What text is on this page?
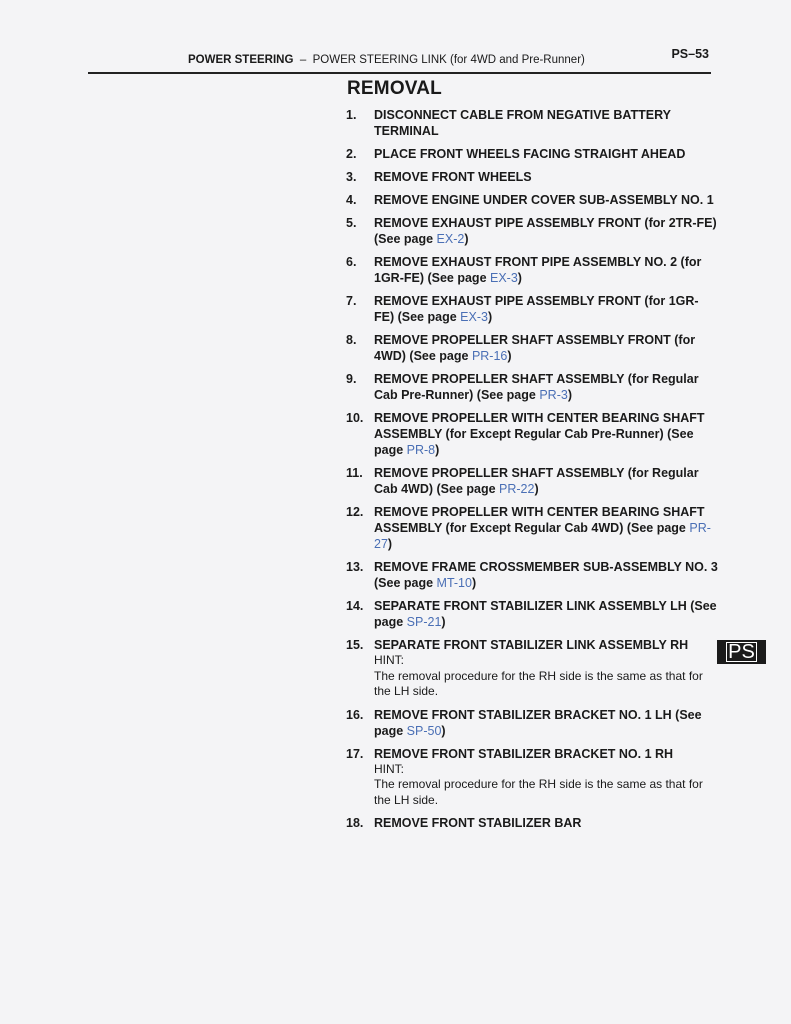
POWER STEERING – POWER STEERING LINK (for 4WD and Pre-Runner)	PS–53
REMOVAL
1. DISCONNECT CABLE FROM NEGATIVE BATTERY TERMINAL
2. PLACE FRONT WHEELS FACING STRAIGHT AHEAD
3. REMOVE FRONT WHEELS
4. REMOVE ENGINE UNDER COVER SUB-ASSEMBLY NO. 1
5. REMOVE EXHAUST PIPE ASSEMBLY FRONT (for 2TR-FE) (See page EX-2)
6. REMOVE EXHAUST FRONT PIPE ASSEMBLY NO. 2 (for 1GR-FE) (See page EX-3)
7. REMOVE EXHAUST PIPE ASSEMBLY FRONT (for 1GR-FE) (See page EX-3)
8. REMOVE PROPELLER SHAFT ASSEMBLY FRONT (for 4WD) (See page PR-16)
9. REMOVE PROPELLER SHAFT ASSEMBLY (for Regular Cab Pre-Runner) (See page PR-3)
10. REMOVE PROPELLER WITH CENTER BEARING SHAFT ASSEMBLY (for Except Regular Cab Pre-Runner) (See page PR-8)
11. REMOVE PROPELLER SHAFT ASSEMBLY (for Regular Cab 4WD) (See page PR-22)
12. REMOVE PROPELLER WITH CENTER BEARING SHAFT ASSEMBLY (for Except Regular Cab 4WD) (See page PR-27)
13. REMOVE FRAME CROSSMEMBER SUB-ASSEMBLY NO. 3 (See page MT-10)
14. SEPARATE FRONT STABILIZER LINK ASSEMBLY LH (See page SP-21)
15. SEPARATE FRONT STABILIZER LINK ASSEMBLY RH
HINT:
The removal procedure for the RH side is the same as that for the LH side.
16. REMOVE FRONT STABILIZER BRACKET NO. 1 LH (See page SP-50)
17. REMOVE FRONT STABILIZER BRACKET NO. 1 RH
HINT:
The removal procedure for the RH side is the same as that for the LH side.
18. REMOVE FRONT STABILIZER BAR
PS
